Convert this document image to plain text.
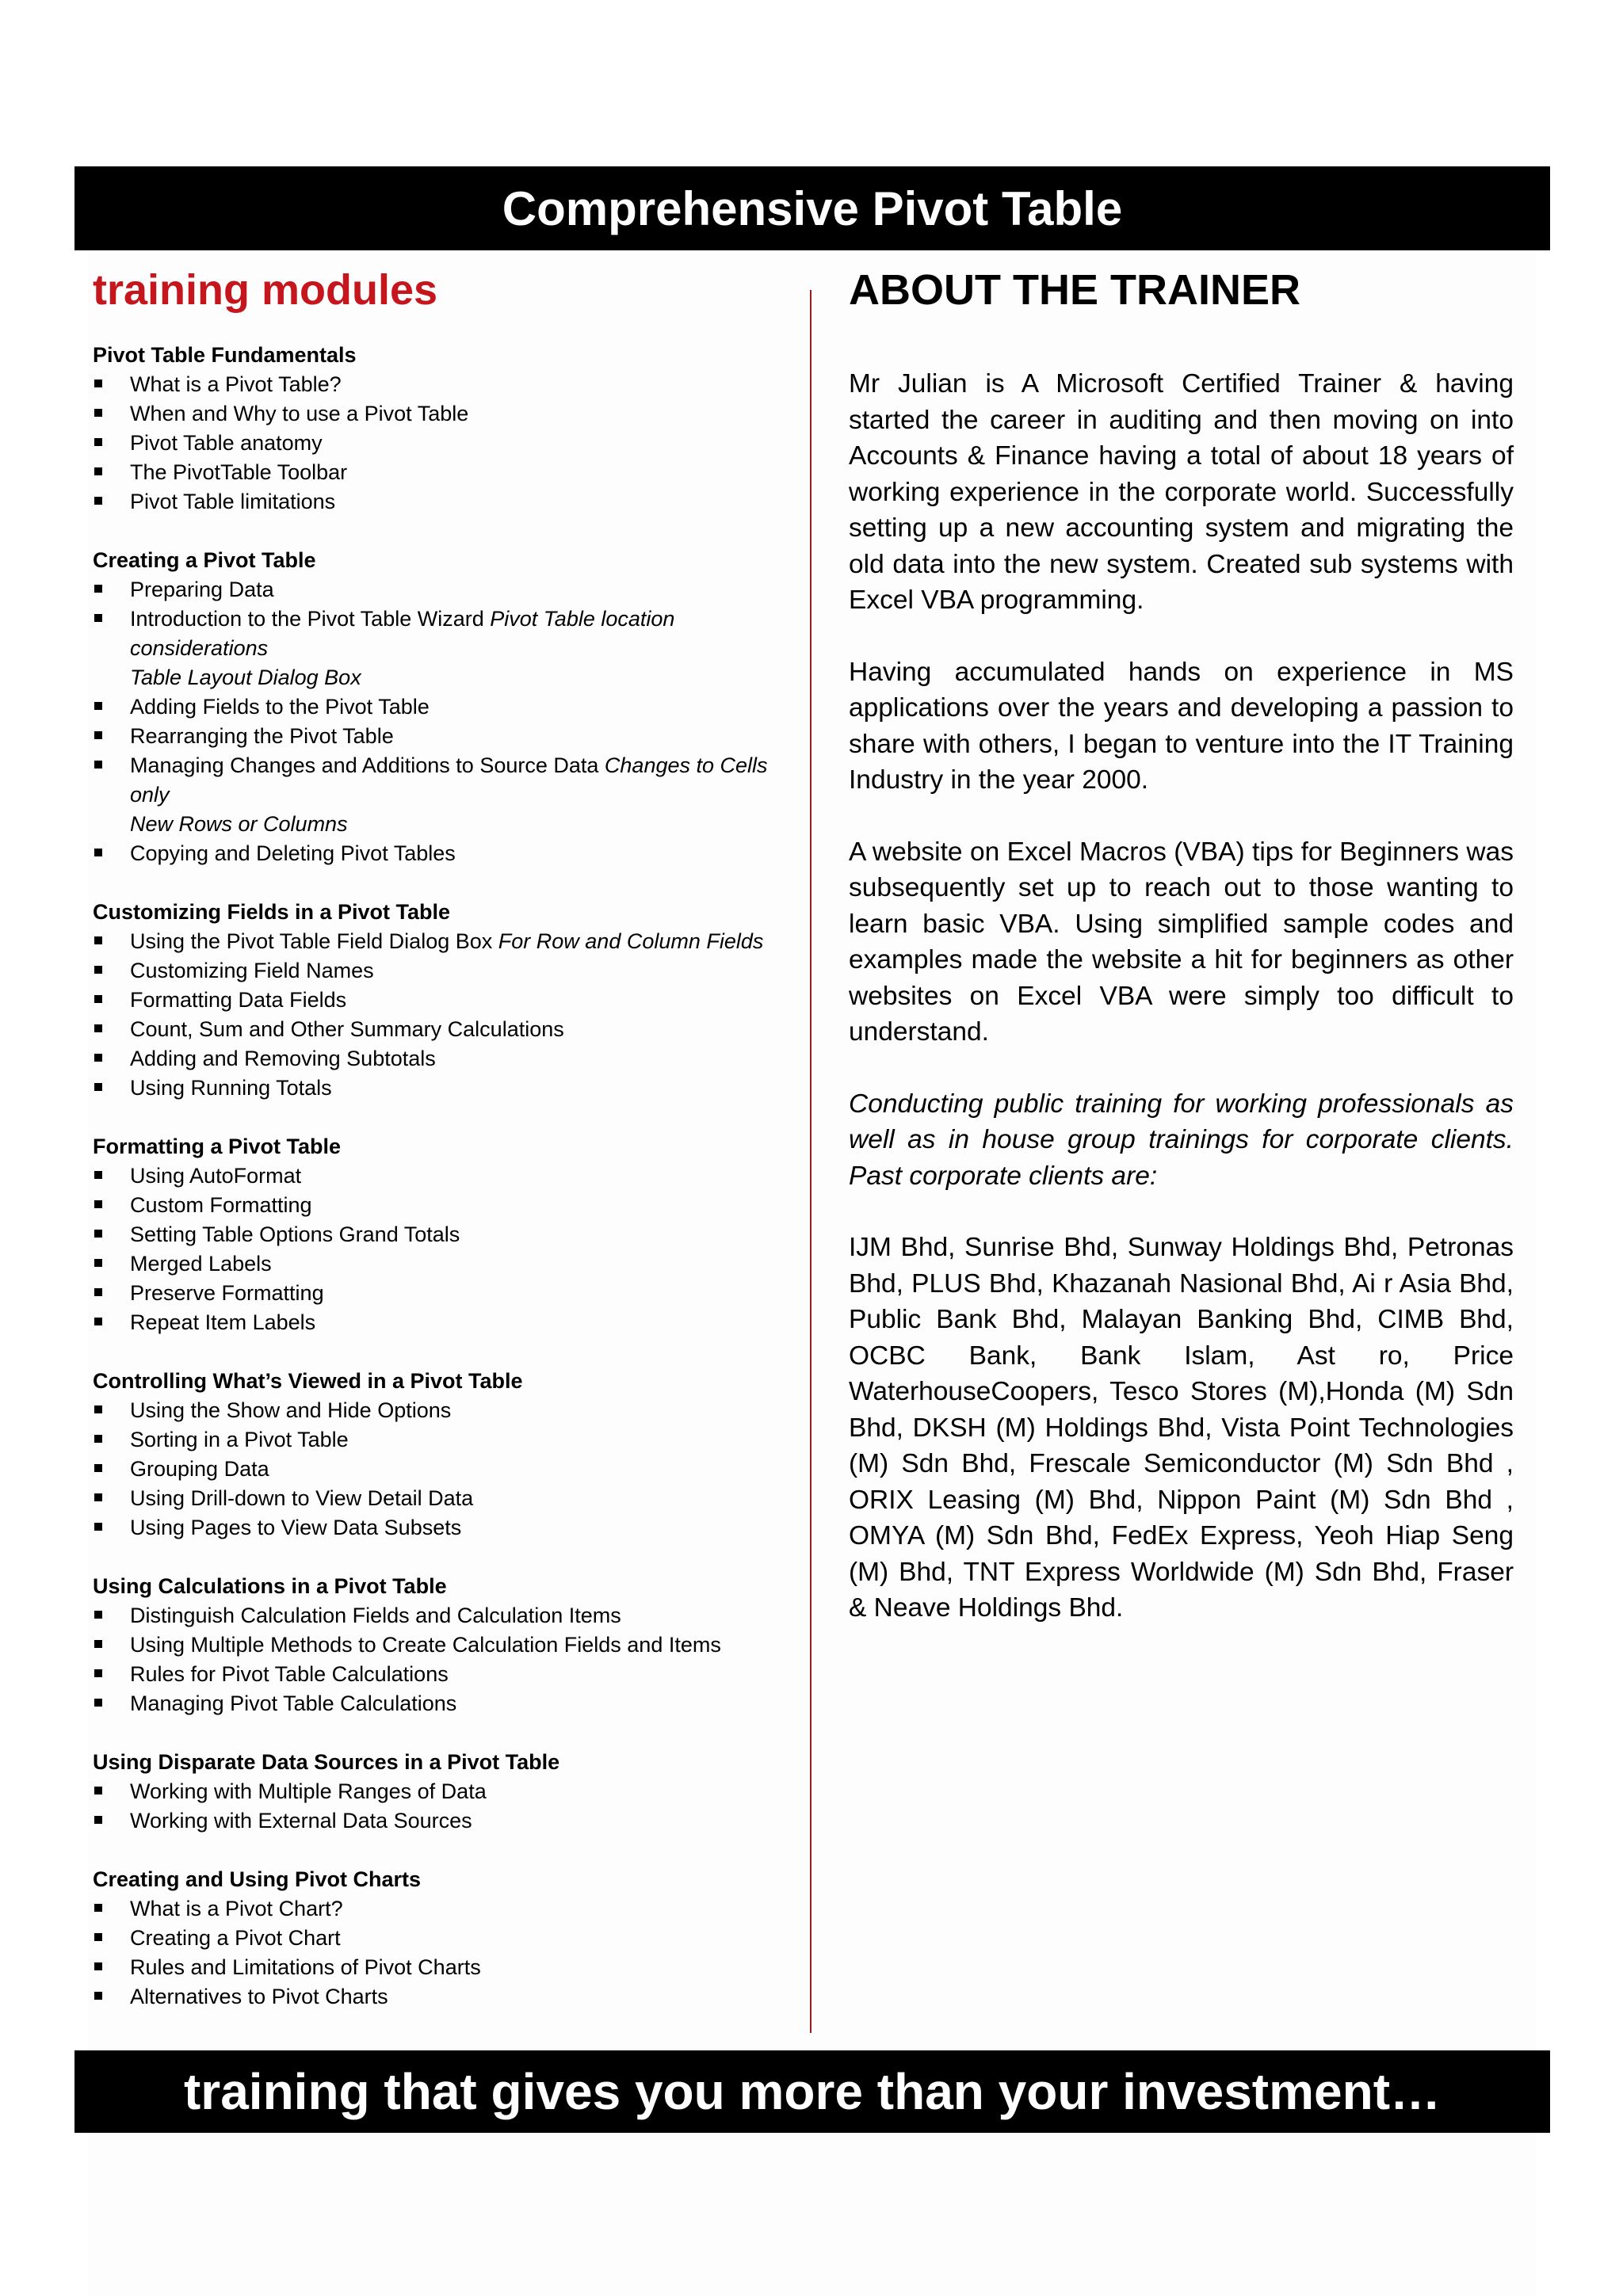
Comprehensive Pivot Table
training modules
Pivot Table Fundamentals
What is a Pivot Table?
When and Why to use a Pivot Table
Pivot Table anatomy
The PivotTable Toolbar
Pivot Table limitations
Creating a Pivot Table
Preparing Data
Introduction to the Pivot Table Wizard Pivot Table location considerations
Table Layout Dialog Box
Adding Fields to the Pivot Table
Rearranging the Pivot Table
Managing Changes and Additions to Source Data Changes to Cells only
New Rows or Columns
Copying and Deleting Pivot Tables
Customizing Fields in a Pivot Table
Using the Pivot Table Field Dialog Box For Row and Column Fields
Customizing Field Names
Formatting Data Fields
Count, Sum and Other Summary Calculations
Adding and Removing Subtotals
Using Running Totals
Formatting a Pivot Table
Using AutoFormat
Custom Formatting
Setting Table Options Grand Totals
Merged Labels
Preserve Formatting
Repeat Item Labels
Controlling What’s Viewed in a Pivot Table
Using the Show and Hide Options
Sorting in a Pivot Table
Grouping Data
Using Drill-down to View Detail Data
Using Pages to View Data Subsets
Using Calculations in a Pivot Table
Distinguish Calculation Fields and Calculation Items
Using Multiple Methods to Create Calculation Fields and Items
Rules for Pivot Table Calculations
Managing Pivot Table Calculations
Using Disparate Data Sources in a Pivot Table
Working with Multiple Ranges of Data
Working with External Data Sources
Creating and Using Pivot Charts
What is a Pivot Chart?
Creating a Pivot Chart
Rules and Limitations of Pivot Charts
Alternatives to Pivot Charts
ABOUT THE TRAINER

Mr Julian is A Microsoft Certified Trainer & having started the career in auditing and then moving on into Accounts & Finance having a total of about 18 years of working experience in the corporate world. Successfully setting up a new accounting system and migrating the old data into the new system. Created sub systems with Excel VBA programming.

Having accumulated hands on experience in MS applications over the years and developing a passion to share with others, I began to venture into the IT Training Industry in the year 2000.

A website on Excel Macros (VBA) tips for Beginners was subsequently set up to reach out to those wanting to learn basic VBA. Using simplified sample codes and examples made the website a hit for beginners as other websites on Excel VBA were simply too difficult to understand.

Conducting public training for working professionals as well as in house group trainings for corporate clients. Past corporate clients are:

IJM Bhd, Sunrise Bhd, Sunway Holdings Bhd, Petronas Bhd, PLUS Bhd, Khazanah Nasional Bhd, Ai r Asia Bhd, Public Bank Bhd, Malayan Banking Bhd, CIMB Bhd, OCBC Bank, Bank Islam, Ast ro, Price WaterhouseCoopers, Tesco Stores (M),Honda (M) Sdn Bhd, DKSH (M) Holdings Bhd, Vista Point Technologies (M) Sdn Bhd, Frescale Semiconductor (M) Sdn Bhd , ORIX Leasing (M) Bhd, Nippon Paint (M) Sdn Bhd , OMYA (M) Sdn Bhd, FedEx Express, Yeoh Hiap Seng (M) Bhd, TNT Express Worldwide (M) Sdn Bhd, Fraser & Neave Holdings Bhd.

training that gives you more than your investment…
